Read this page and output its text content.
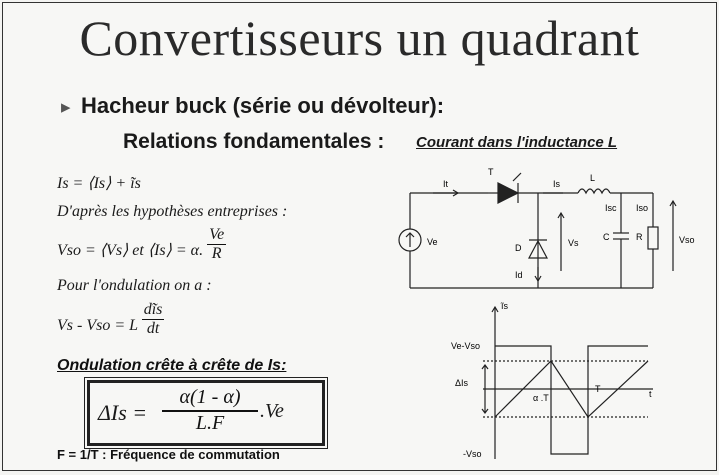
Convertisseurs un quadrant
▸ Hacheur buck (série ou dévolteur):
Relations fondamentales : Courant dans l'inductance L
Is = ⟨Is⟩ + ĩs
D'après les hypothèses entreprises :
Vso = ⟨Vs⟩ et ⟨Is⟩ = α. $\frac{Ve}{R}$
Pour l'ondulation on a :
Vs - Vso = L
dĩs
dt
Ondulation crête à crête de Is:
$\Delta Is = \frac{\alpha(1 - \alpha)}{L.F} .Ve$
F = 1/T : Fréquence de commutation
T
It	Is
L
Isc Iso
Ve
D
Id
Vs
C	R	Vso
ĩs
Ve-Vso
ΔIs
α .T
T	t
-Vso
